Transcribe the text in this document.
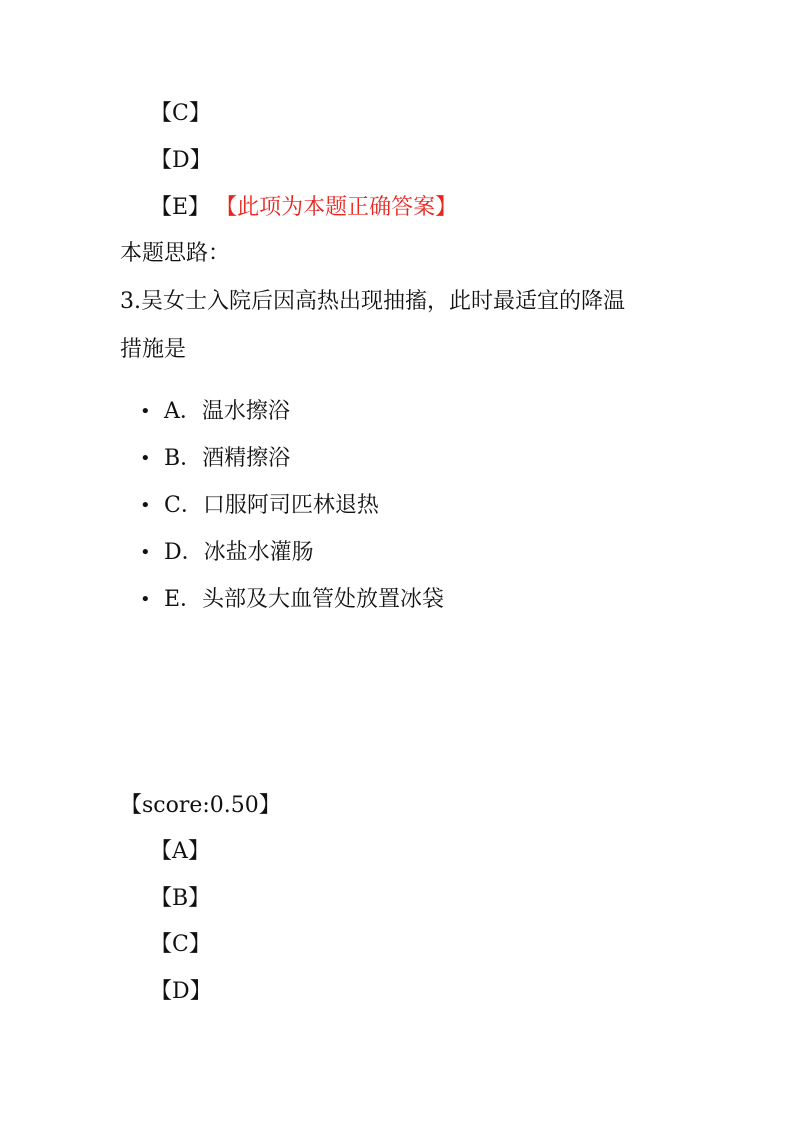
【C】
【D】
【E】 【此项为本题正确答案】
本题思路：
3.吴女士入院后因高热出现抽搐，此时最适宜的降温
措施是
• A．温水擦浴
• B．酒精擦浴
• C．口服阿司匹林退热
• D．冰盐水灌肠
• E．头部及大血管处放置冰袋
【score:0.50】
【A】
【B】
【C】
【D】
